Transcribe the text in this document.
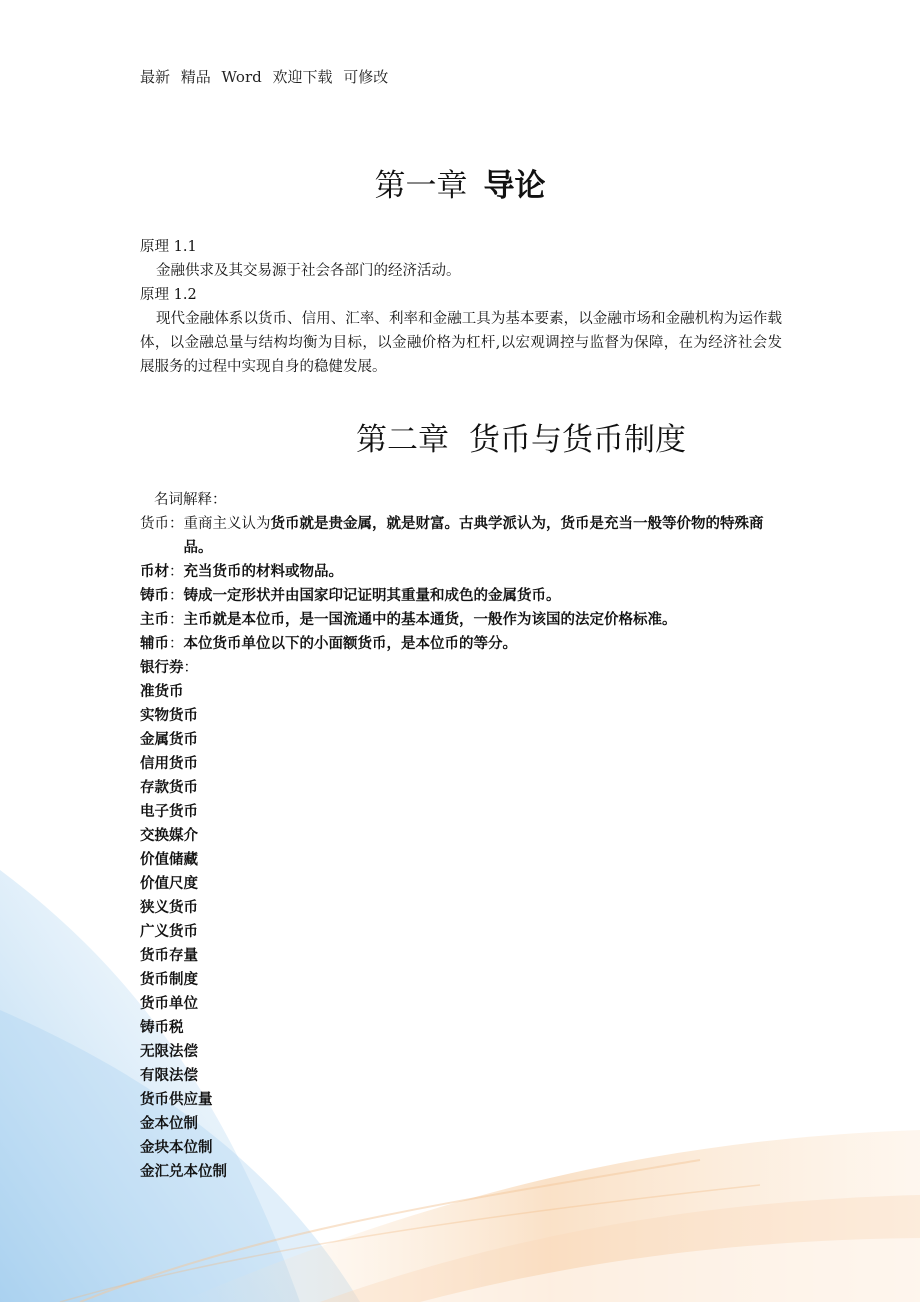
最新 精品 Word 欢迎下载 可修改
第一章 导论
原理 1.1
金融供求及其交易源于社会各部门的经济活动。
原理 1.2
现代金融体系以货币、信用、汇率、利率和金融工具为基本要素，以金融市场和金融机构为运作载体，以金融总量与结构均衡为目标，以金融价格为杠杆,以宏观调控与监督为保障，在为经济社会发展服务的过程中实现自身的稳健发展。
第二章 货币与货币制度
名词解释：
货币 ： 重商主义认为货币就是贵金属，就是财富。古典学派认为，货币是充当一般等价物的特殊商品。
币材 ： 充当货币的材料或物品。
铸币 ： 铸成一定形状并由国家印记证明其重量和成色的金属货币。
主币 ： 主币就是本位币，是一国流通中的基本通货，一般作为该国的法定价格标准。
辅币 ： 本位货币单位以下的小面额货币，是本位币的等分。
银行券 ：
准货币
实物货币
金属货币
信用货币
存款货币
电子货币
交换媒介
价值储藏
价值尺度
狭义货币
广义货币
货币存量
货币制度
货币单位
铸币税
无限法偿
有限法偿
货币供应量
金本位制
金块本位制
金汇兑本位制
